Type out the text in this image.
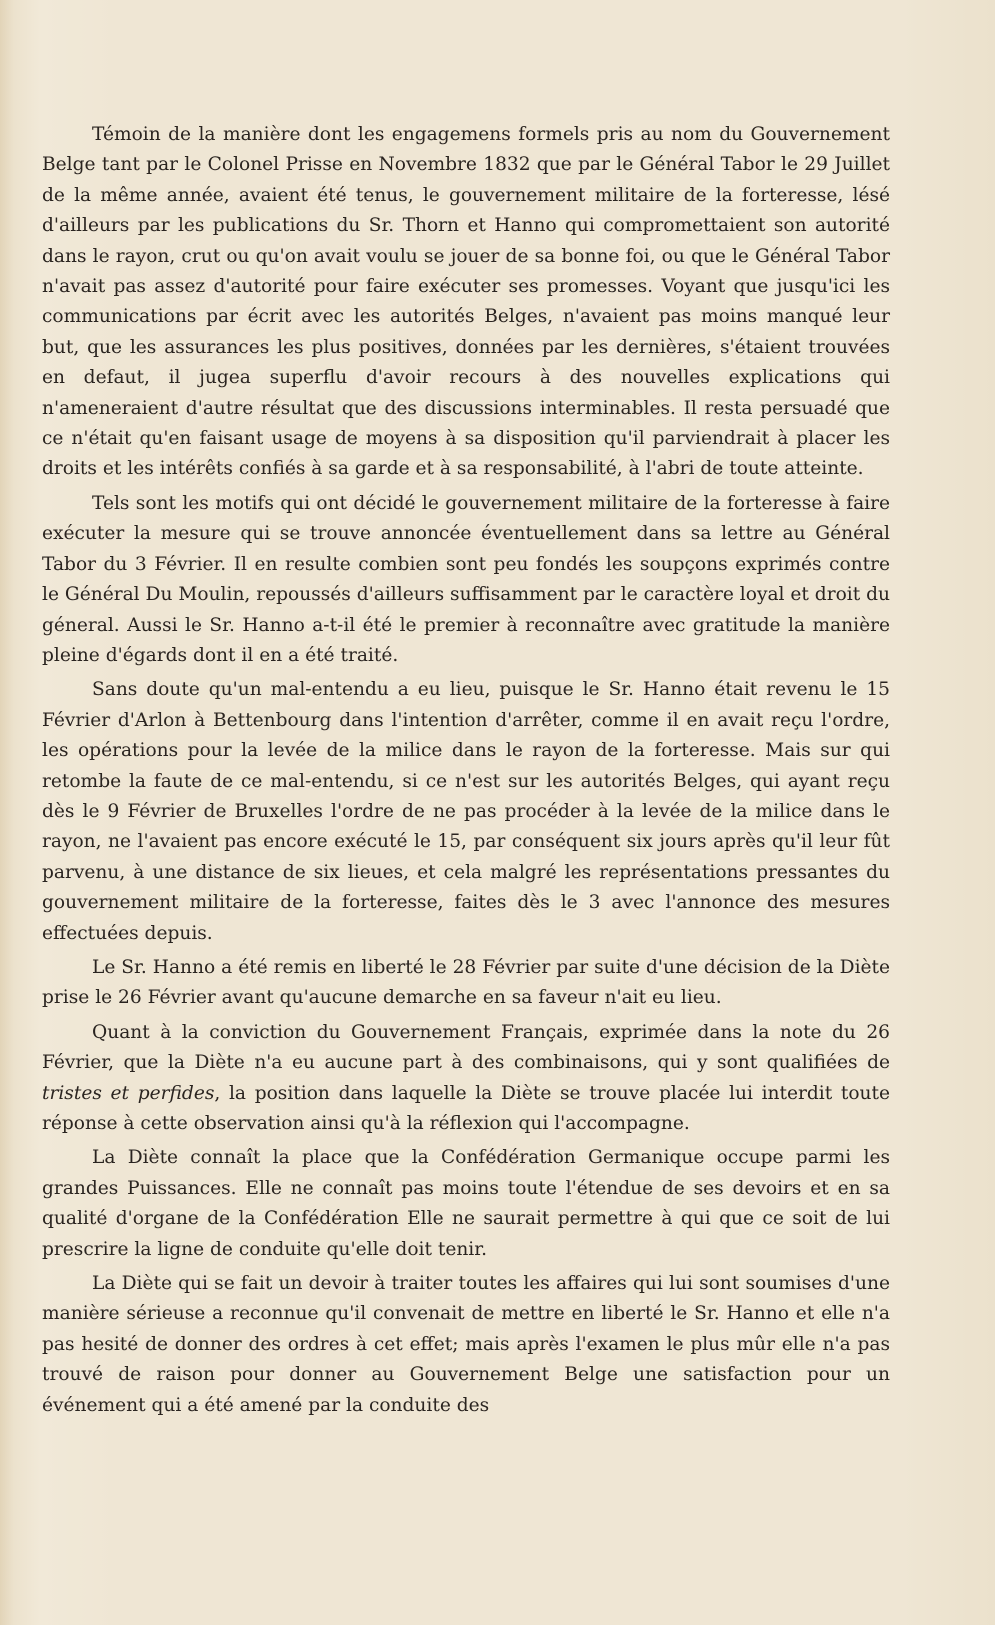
Témoin de la manière dont les engagemens formels pris au nom du Gouvernement Belge tant par le Colonel Prisse en Novembre 1832 que par le Général Tabor le 29 Juillet de la même année, avaient été tenus, le gouvernement militaire de la forteresse, lésé d'ailleurs par les publications du Sr. Thorn et Hanno qui compromettaient son autorité dans le rayon, crut ou qu'on avait voulu se jouer de sa bonne foi, ou que le Général Tabor n'avait pas assez d'autorité pour faire exécuter ses promesses. Voyant que jusqu'ici les communications par écrit avec les autorités Belges, n'avaient pas moins manqué leur but, que les assurances les plus positives, données par les dernières, s'étaient trouvées en defaut, il jugea superflu d'avoir recours à des nouvelles explications qui n'ameneraient d'autre résultat que des discussions interminables. Il resta persuadé que ce n'était qu'en faisant usage de moyens à sa disposition qu'il parviendrait à placer les droits et les intérêts confiés à sa garde et à sa responsabilité, à l'abri de toute atteinte.

Tels sont les motifs qui ont décidé le gouvernement militaire de la forteresse à faire exécuter la mesure qui se trouve annoncée éventuellement dans sa lettre au Général Tabor du 3 Février. Il en resulte combien sont peu fondés les soupçons exprimés contre le Général Du Moulin, repoussés d'ailleurs suffisamment par le caractère loyal et droit du géneral. Aussi le Sr. Hanno a-t-il été le premier à reconnaître avec gratitude la manière pleine d'égards dont il en a été traité.

Sans doute qu'un mal-entendu a eu lieu, puisque le Sr. Hanno était revenu le 15 Février d'Arlon à Bettenbourg dans l'intention d'arrêter, comme il en avait reçu l'ordre, les opérations pour la levée de la milice dans le rayon de la forteresse. Mais sur qui retombe la faute de ce mal-entendu, si ce n'est sur les autorités Belges, qui ayant reçu dès le 9 Février de Bruxelles l'ordre de ne pas procéder à la levée de la milice dans le rayon, ne l'avaient pas encore exécuté le 15, par conséquent six jours après qu'il leur fût parvenu, à une distance de six lieues, et cela malgré les représentations pressantes du gouvernement militaire de la forteresse, faites dès le 3 avec l'annonce des mesures effectuées depuis.

Le Sr. Hanno a été remis en liberté le 28 Février par suite d'une décision de la Diète prise le 26 Février avant qu'aucune demarche en sa faveur n'ait eu lieu.

Quant à la conviction du Gouvernement Français, exprimée dans la note du 26 Février, que la Diète n'a eu aucune part à des combinaisons, qui y sont qualifiées de tristes et perfides, la position dans laquelle la Diète se trouve placée lui interdit toute réponse à cette observation ainsi qu'à la réflexion qui l'accompagne.

La Diète connaît la place que la Confédération Germanique occupe parmi les grandes Puissances. Elle ne connaît pas moins toute l'étendue de ses devoirs et en sa qualité d'organe de la Confédération Elle ne saurait permettre à qui que ce soit de lui prescrire la ligne de conduite qu'elle doit tenir.

La Diète qui se fait un devoir à traiter toutes les affaires qui lui sont soumises d'une manière sérieuse a reconnue qu'il convenait de mettre en liberté le Sr. Hanno et elle n'a pas hesité de donner des ordres à cet effet; mais après l'examen le plus mûr elle n'a pas trouvé de raison pour donner au Gouvernement Belge une satisfaction pour un événement qui a été amené par la conduite des
